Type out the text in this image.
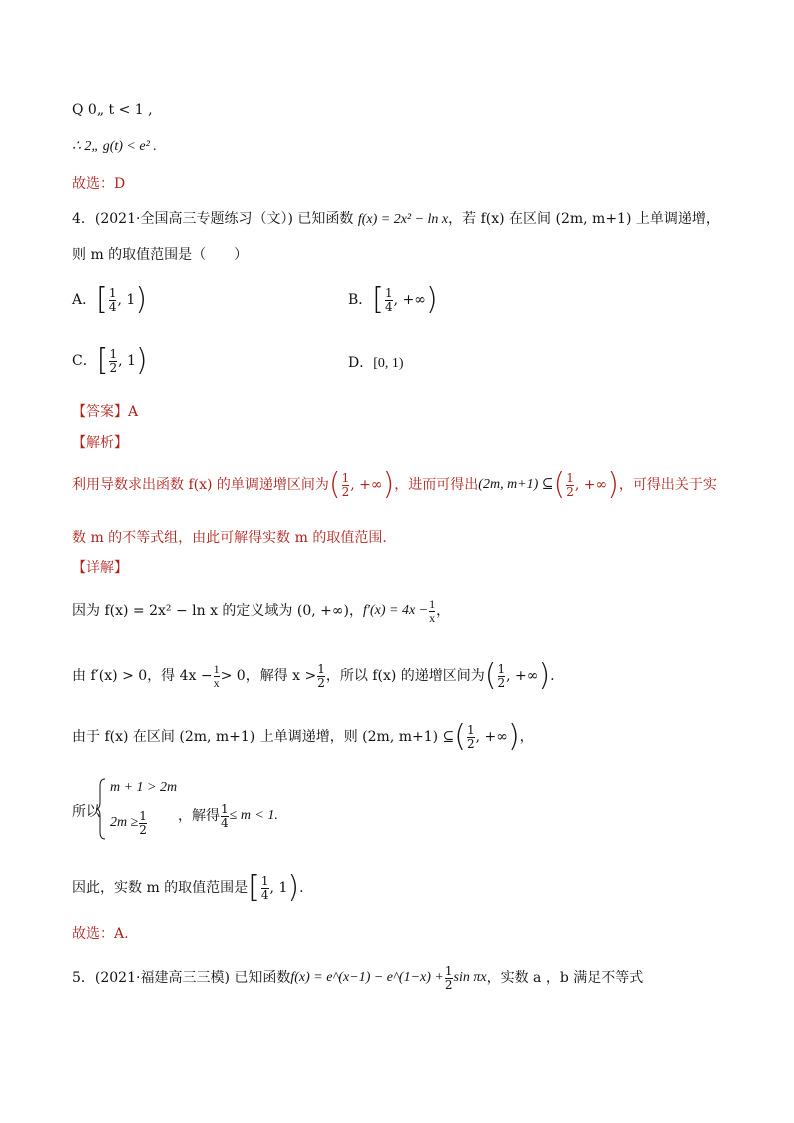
Q 0„ t < 1 ,
∴ 2„ g(t) < e² .
故选：D
4．(2021·全国高三专题练习（文）) 已知函数 f(x) = 2x² − ln x，若 f(x) 在区间 (2m, m+1) 上单调递增，
则 m 的取值范围是（　　）
A．[ $\frac{1}{4}$ , 1)	B．[ $\frac{1}{4}$ , +∞)
C．[ $\frac{1}{2}$ , 1)	D．[0, 1)
【答案】A
【解析】
利用导数求出函数 f(x) 的单调递增区间为( $\frac{1}{2}$ , +∞)，进而可得出(2m, m+1) ⊆( $\frac{1}{2}$ , +∞)，可得出关于实
数 m 的不等式组，由此可解得实数 m 的取值范围.
【详解】
因为 f(x) = 2x² − ln x 的定义域为 (0, +∞)，$f'(x) = 4x - \frac{1}{x}$ ，
由 f′(x) > 0，得 $4x - \frac{1}{x} > 0$，解得 $x > \frac{1}{2}$ ，所以 f(x) 的递增区间为( $\frac{1}{2}$ , +∞).
由于 f(x) 在区间 (2m, m+1) 上单调递增，则 (2m, m+1) ⊆( $\frac{1}{2}$ , +∞)，
所以
m + 1 > 2m
$2m \ge \frac{1}{2}$ ，解得 $\frac{1}{4} \le m < 1$.
因此，实数 m 的取值范围是[ $\frac{1}{4}$ , 1).
故选：A.
5．(2021·福建高三三模) 已知函数f(x) = e^(x−1) − e^(1−x) + $\frac{1}{2}$ sin πx，实数 a ，b 满足不等式
